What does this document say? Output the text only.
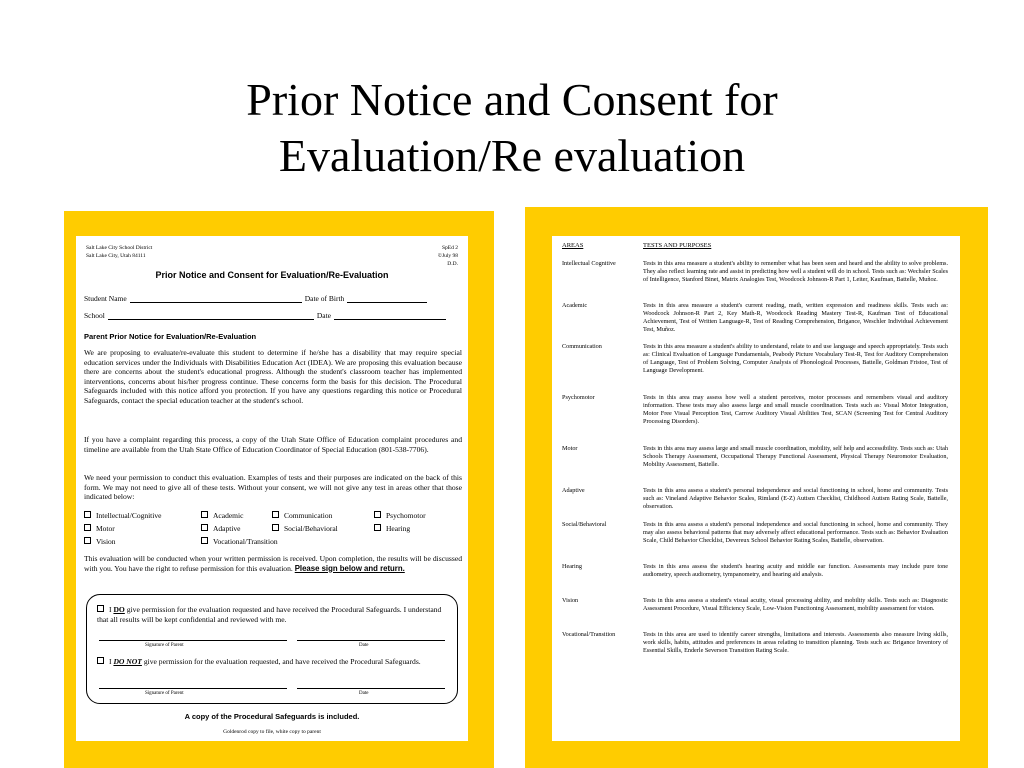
Prior Notice and Consent for
Evaluation/Re evaluation
Salt Lake City School District
Salt Lake City, Utah 84111
SpEd 2
©July 98
D.D.
Prior Notice and Consent for Evaluation/Re-Evaluation
Student Name	Date of Birth
School	Date
Parent Prior Notice for Evaluation/Re-Evaluation
We are proposing to evaluate/re-evaluate this student to determine if he/she has a disability that may require special education services under the Individuals with Disabilities Education Act (IDEA). We are proposing this evaluation because there are concerns about the student's educational progress. Although the student's classroom teacher has implemented interventions, concerns about his/her progress continue. These concerns form the basis for this decision. The Procedural Safeguards included with this notice afford you protection. If you have any questions regarding this notice or Procedural Safeguards, contact the special education teacher at the student's school.
If you have a complaint regarding this process, a copy of the Utah State Office of Education complaint procedures and timeline are available from the Utah State Office of Education Coordinator of Special Education (801-538-7706).
We need your permission to conduct this evaluation. Examples of tests and their purposes are indicated on the back of this form. We may not need to give all of these tests. Without your consent, we will not give any test in areas other that those indicated below:
Intellectual/Cognitive	Academic	Communication	Psychomotor
Motor	Adaptive	Social/Behavioral	Hearing
Vision	Vocational/Transition
This evaluation will be conducted when your written permission is received. Upon completion, the results will be discussed with you. You have the right to refuse permission for this evaluation. Please sign below and return.
I DO give permission for the evaluation requested and have received the Procedural Safeguards. I understand that all results will be kept confidential and reviewed with me.
Signature of Parent	Date
I DO NOT give permission for the evaluation requested, and have received the Procedural Safeguards.
Signature of Parent	Date
A copy of the Procedural Safeguards is included.
Goldenrod copy to file, white copy to parent
AREAS	TESTS AND PURPOSES
Intellectual Cognitive	Tests in this area measure a student's ability to remember what has been seen and heard and the ability to solve problems. They also reflect learning rate and assist in predicting how well a student will do in school. Tests such as: Wechsler Scales of Intelligence, Stanford Binet, Matrix Analogies Test, Woodcock Johnson-R Part 1, Leiter, Kaufman, Battelle, Muñoz.
Academic	Tests in this area measure a student's current reading, math, written expression and readiness skills. Tests such as: Woodcock Johnson-R Part 2, Key Math-R, Woodcock Reading Mastery Test-R, Kaufman Test of Educational Achievement, Test of Written Language-R, Test of Reading Comprehension, Brigance, Weschler Individual Achievement Test, Muñoz.
Communication	Tests in this area measure a student's ability to understand, relate to and use language and speech appropriately. Tests such as: Clinical Evaluation of Language Fundamentals, Peabody Picture Vocabulary Test-R, Test for Auditory Comprehension of Language, Test of Problem Solving, Computer Analysis of Phonological Processes, Battelle, Goldman Fristoe, Test of Language Development.
Psychomotor	Tests in this area may assess how well a student perceives, motor processes and remembers visual and auditory information. These tests may also assess large and small muscle coordination. Tests such as: Visual Motor Integration, Motor Free Visual Perception Test, Carrow Auditory Visual Abilities Test, SCAN (Screening Test for Central Auditory Processing Disorders).
Motor	Tests in this area may assess large and small muscle coordination, mobility, self help and accessibility. Tests such as: Utah Schools Therapy Assessment, Occupational Therapy Functional Assessment, Physical Therapy Neuromotor Evaluation, Mobility Assessment, Battelle.
Adaptive	Tests in this area assess a student's personal independence and social functioning in school, home and community. Tests such as: Vineland Adaptive Behavior Scales, Rimland (E-Z) Autism Checklist, Childhood Autism Rating Scale, Battelle, observation.
Social/Behavioral	Tests in this area assess a student's personal independence and social functioning in school, home and community. They may also assess behavioral patterns that may adversely affect educational performance. Tests such as: Behavior Evaluation Scale, Child Behavior Checklist, Devereux School Behavior Rating Scales, Battelle, observation.
Hearing	Tests in this area assess the student's hearing acuity and middle ear function. Assessments may include pure tone audiometry, speech audiometry, tympanometry, and hearing aid analysis.
Vision	Tests in this area assess a student's visual acuity, visual processing ability, and mobility skills. Tests such as: Diagnostic Assessment Procedure, Visual Efficiency Scale, Low-Vision Functioning Assessment, mobility assessment for vision.
Vocational/Transition	Tests in this area are used to identify career strengths, limitations and interests. Assessments also measure living skills, work skills, habits, attitudes and preferences in areas relating to transition planning. Tests such as: Brigance Inventory of Essential Skills, Enderle Severson Transition Rating Scale.
